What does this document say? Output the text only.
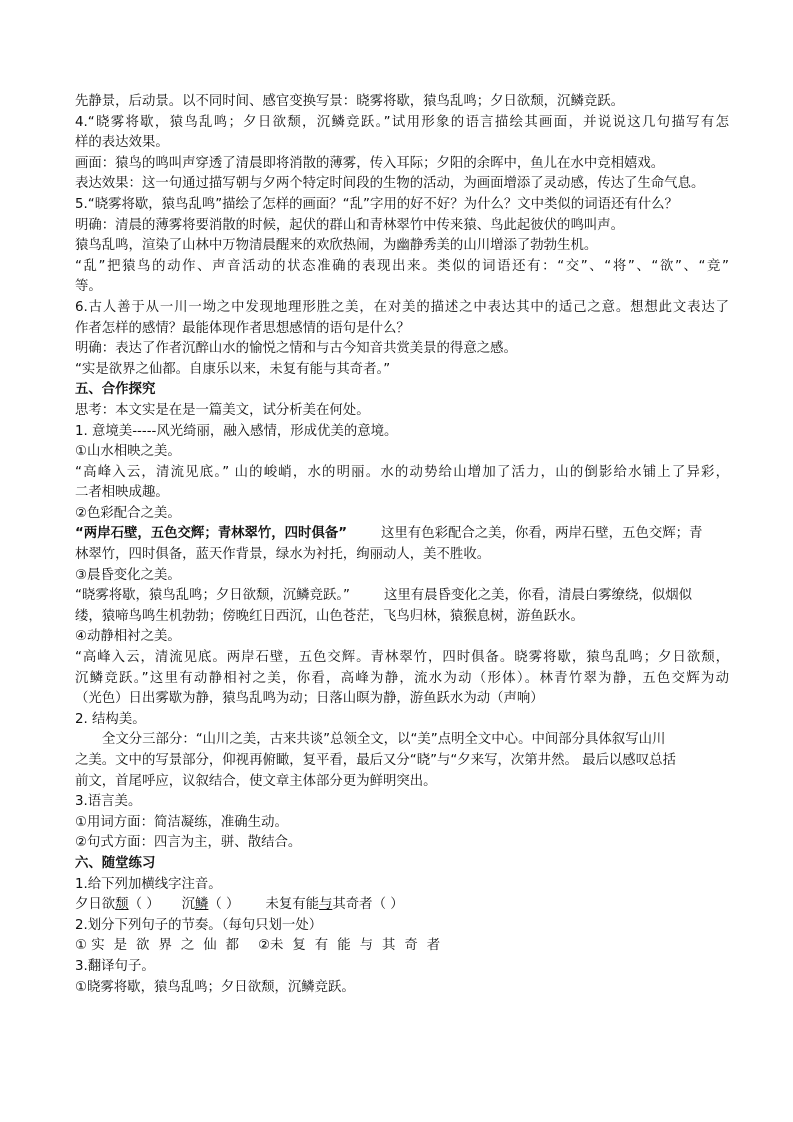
先静景，后动景。以不同时间、感官变换写景：晓雾将歇，猿鸟乱鸣；夕日欲颓，沉鳞竞跃。
4.“晓雾将歇，猿鸟乱鸣；夕日欲颓，沉鳞竞跃。”试用形象的语言描绘其画面，并说说这几句描写有怎
样的表达效果。
画面：猿鸟的鸣叫声穿透了清晨即将消散的薄雾，传入耳际；夕阳的余晖中，鱼儿在水中竞相嬉戏。
表达效果：这一句通过描写朝与夕两个特定时间段的生物的活动，为画面增添了灵动感，传达了生命气息。
5.“晓雾将歇，猿鸟乱鸣”描绘了怎样的画面？“乱”字用的好不好？为什么？文中类似的词语还有什么？
明确：清晨的薄雾将要消散的时候，起伏的群山和青林翠竹中传来猿、鸟此起彼伏的鸣叫声。
猿鸟乱鸣，渲染了山林中万物清晨醒来的欢欣热闹，为幽静秀美的山川增添了勃勃生机。
“乱”把猿鸟的动作、声音活动的状态准确的表现出来。类似的词语还有：“交”、“将”、“欲”、“竞”
等。
6.古人善于从一川一坳之中发现地理形胜之美，在对美的描述之中表达其中的适己之意。想想此文表达了
作者怎样的感情？最能体现作者思想感情的语句是什么？
明确：表达了作者沉醉山水的愉悦之情和与古今知音共赏美景的得意之感。
“实是欲界之仙都。自康乐以来，未复有能与其奇者。”
五、合作探究
思考：本文实是在是一篇美文，试分析美在何处。
1. 意境美-----风光绮丽，融入感情，形成优美的意境。
①山水相映之美。
“高峰入云，清流见底。” 山的峻峭，水的明丽。水的动势给山增加了活力，山的倒影给水铺上了异彩，
二者相映成趣。
②色彩配合之美。
“两岸石壁，五色交辉；青林翠竹，四时俱备”	这里有色彩配合之美，你看，两岸石壁，五色交辉；青
林翠竹，四时俱备，蓝天作背景，绿水为衬托，绚丽动人，美不胜收。
③晨昏变化之美。
“晓雾将歇，猿鸟乱鸣；夕日欲颓，沉鳞竞跃。”	这里有晨昏变化之美，你看，清晨白雾缭绕，似烟似
缕，猿啼鸟鸣生机勃勃；傍晚红日西沉，山色苍茫，飞鸟归林，猿猴息树，游鱼跃水。
④动静相衬之美。
“高峰入云，清流见底。两岸石壁，五色交辉。青林翠竹，四时俱备。晓雾将歇，猿鸟乱鸣；夕日欲颓，
沉鳞竞跃。”这里有动静相衬之美，你看，高峰为静，流水为动（形体）。林青竹翠为静，五色交辉为动
（光色）日出雾歇为静，猿鸟乱鸣为动；日落山暝为静，游鱼跃水为动（声响）
2. 结构美。
全文分三部分：“山川之美，古来共谈”总领全文，以“美”点明全文中心。中间部分具体叙写山川
之美。文中的写景部分，仰视再俯瞰，复平看，最后又分“晓”与“夕来写，次第井然。 最后以感叹总括
前文，首尾呼应，议叙结合，使文章主体部分更为鲜明突出。
3.语言美。
①用词方面：简洁凝练，准确生动。
②句式方面：四言为主，骈、散结合。
六、随堂练习
1.给下列加横线字注音。
夕日欲颓（ ） 沉鳞（ ） 未复有能与其奇者（ ）
2.划分下列句子的节奏。（每句只划一处）
① 实是欲界之仙都 ②未复有能与其奇者
3.翻译句子。
①晓雾将歇，猿鸟乱鸣；夕日欲颓，沉鳞竞跃。
